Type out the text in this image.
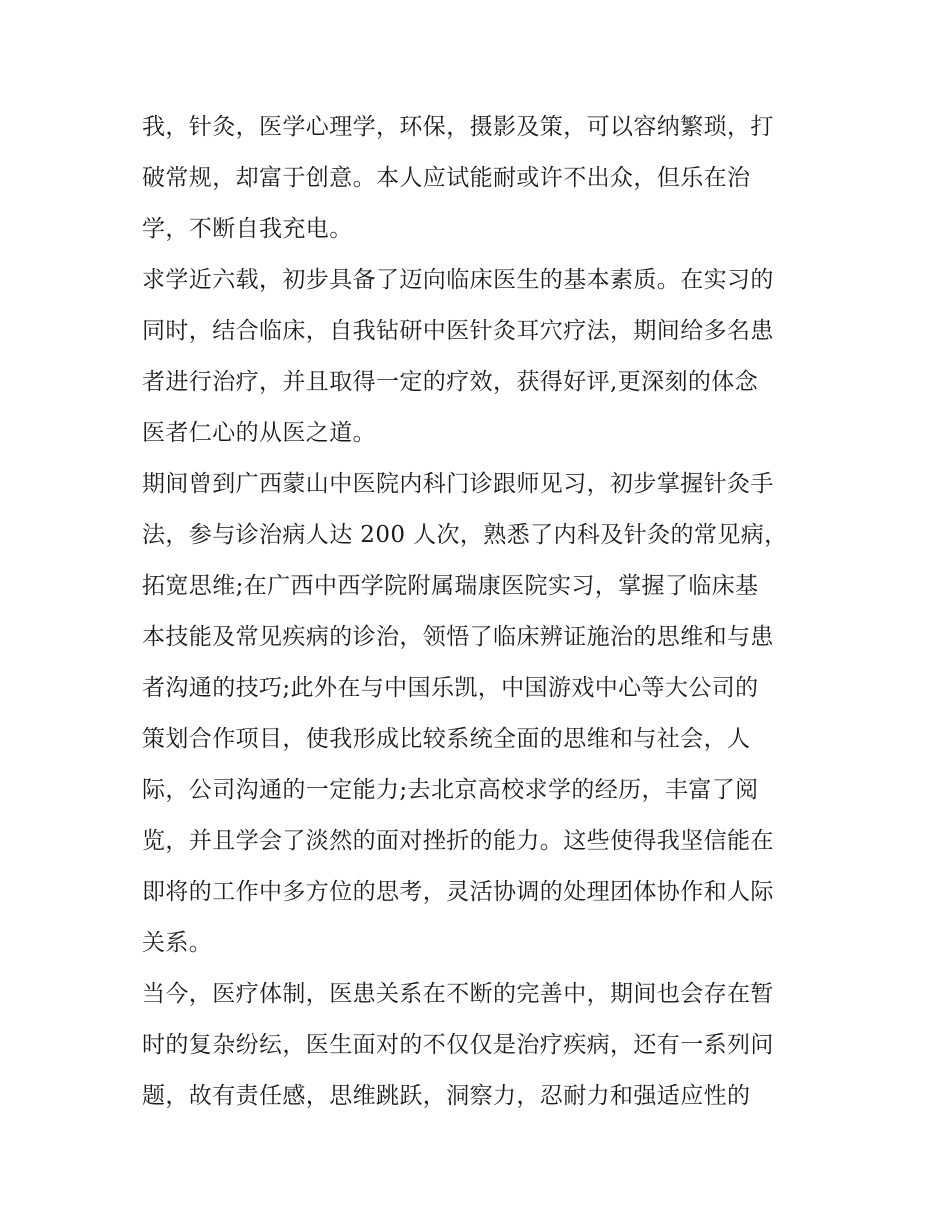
我，针灸，医学心理学，环保，摄影及策，可以容纳繁琐，打
破常规，却富于创意。本人应试能耐或许不出众，但乐在治
学，不断自我充电。
求学近六载，初步具备了迈向临床医生的基本素质。在实习的
同时，结合临床，自我钻研中医针灸耳穴疗法，期间给多名患
者进行治疗，并且取得一定的疗效，获得好评,更深刻的体念
医者仁心的从医之道。
期间曾到广西蒙山中医院内科门诊跟师见习，初步掌握针灸手
法，参与诊治病人达 200 人次，熟悉了内科及针灸的常见病，
拓宽思维;在广西中西学院附属瑞康医院实习，掌握了临床基
本技能及常见疾病的诊治，领悟了临床辨证施治的思维和与患
者沟通的技巧;此外在与中国乐凯，中国游戏中心等大公司的
策划合作项目，使我形成比较系统全面的思维和与社会，人
际，公司沟通的一定能力;去北京高校求学的经历，丰富了阅
览，并且学会了淡然的面对挫折的能力。这些使得我坚信能在
即将的工作中多方位的思考，灵活协调的处理团体协作和人际
关系。
当今，医疗体制，医患关系在不断的完善中，期间也会存在暂
时的复杂纷纭，医生面对的不仅仅是治疗疾病，还有一系列问
题，故有责任感，思维跳跃，洞察力，忍耐力和强适应性的
